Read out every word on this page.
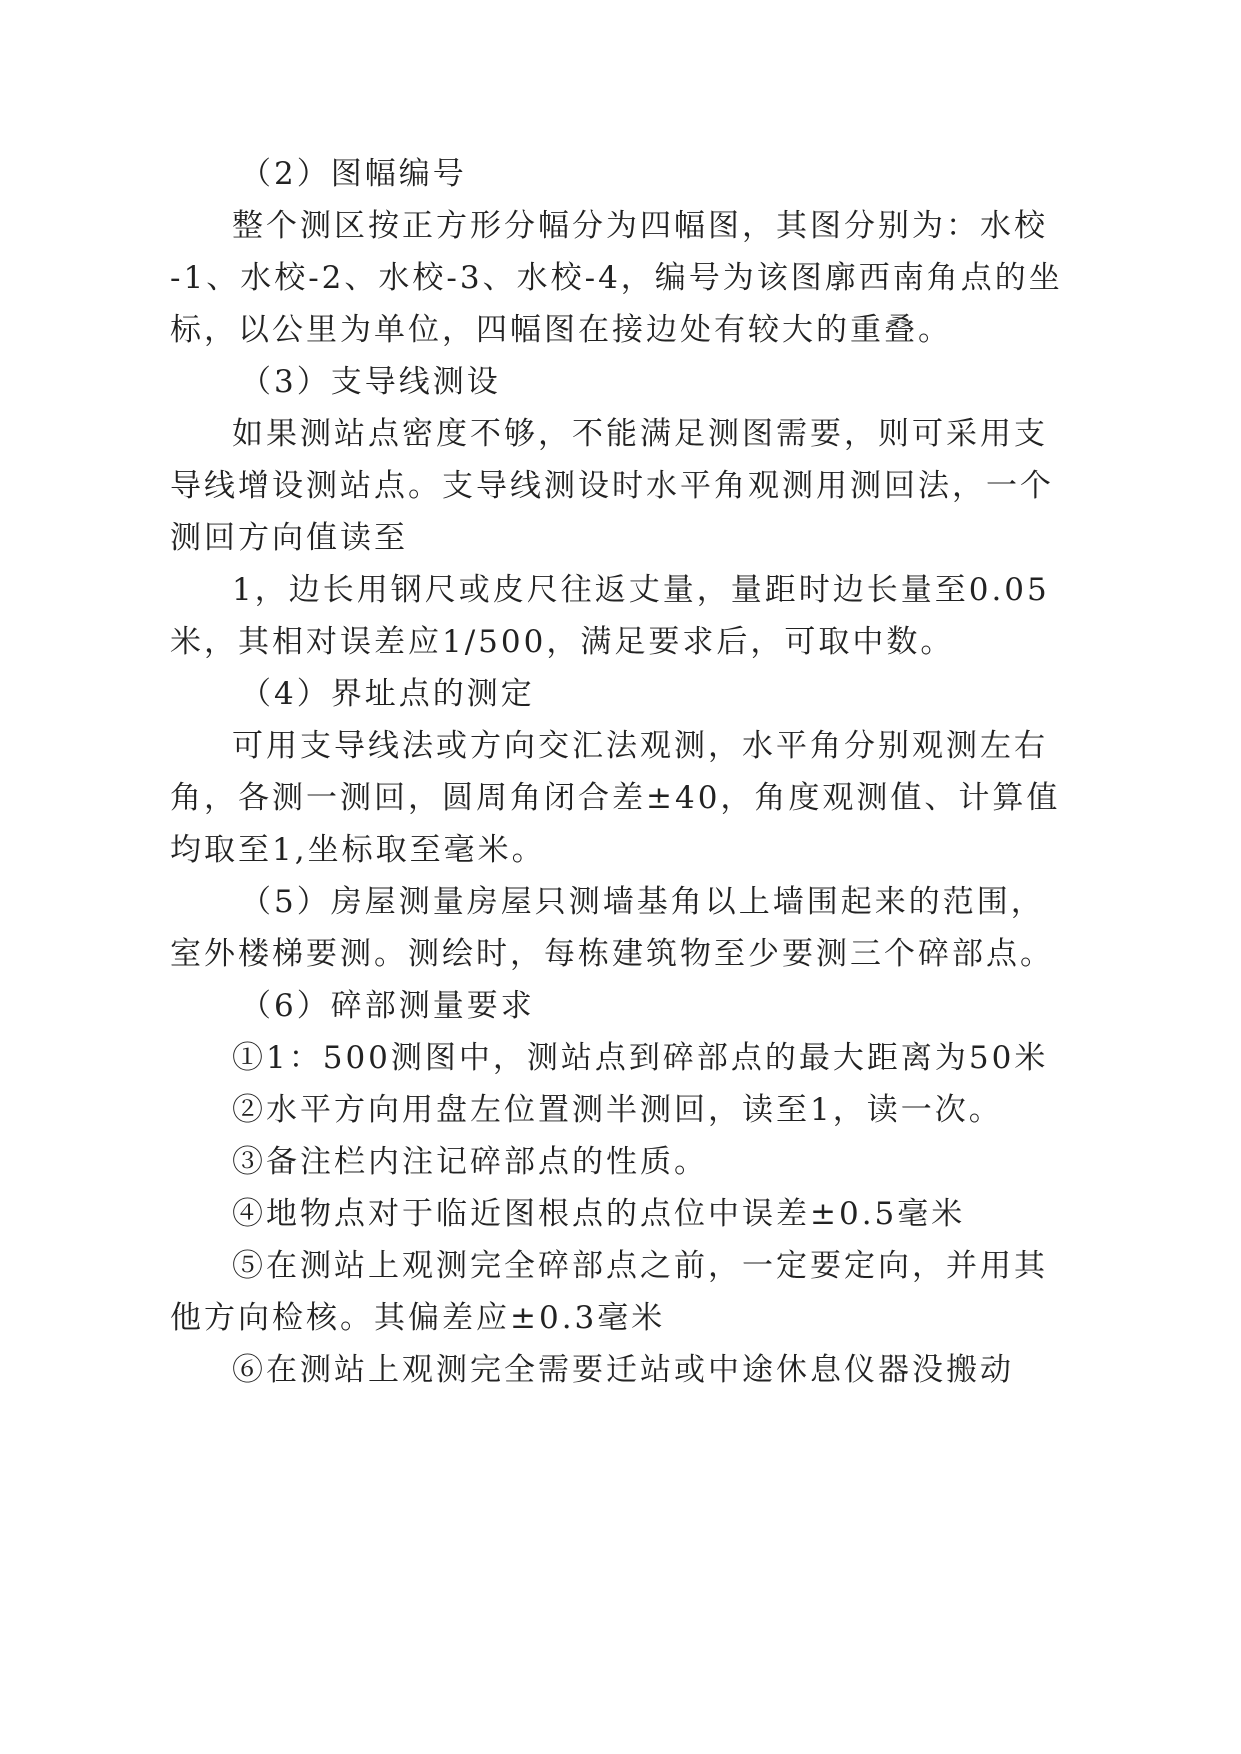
（2）图幅编号
整个测区按正方形分幅分为四幅图，其图分别为：水校
-1、水校-2、水校-3、水校-4，编号为该图廓西南角点的坐
标，以公里为单位，四幅图在接边处有较大的重叠。
（3）支导线测设
如果测站点密度不够，不能满足测图需要，则可采用支
导线增设测站点。支导线测设时水平角观测用测回法，一个
测回方向值读至
1，边长用钢尺或皮尺往返丈量，量距时边长量至0.05
米，其相对误差应1/500，满足要求后，可取中数。
（4）界址点的测定
可用支导线法或方向交汇法观测，水平角分别观测左右
角，各测一测回，圆周角闭合差±40，角度观测值、计算值
均取至1,坐标取至毫米。
（5）房屋测量房屋只测墙基角以上墙围起来的范围，
室外楼梯要测。测绘时，每栋建筑物至少要测三个碎部点。
（6）碎部测量要求
①1：500测图中，测站点到碎部点的最大距离为50米
②水平方向用盘左位置测半测回，读至1，读一次。
③备注栏内注记碎部点的性质。
④地物点对于临近图根点的点位中误差±0.5毫米
⑤在测站上观测完全碎部点之前，一定要定向，并用其
他方向检核。其偏差应±0.3毫米
⑥在测站上观测完全需要迁站或中途休息仪器没搬动
